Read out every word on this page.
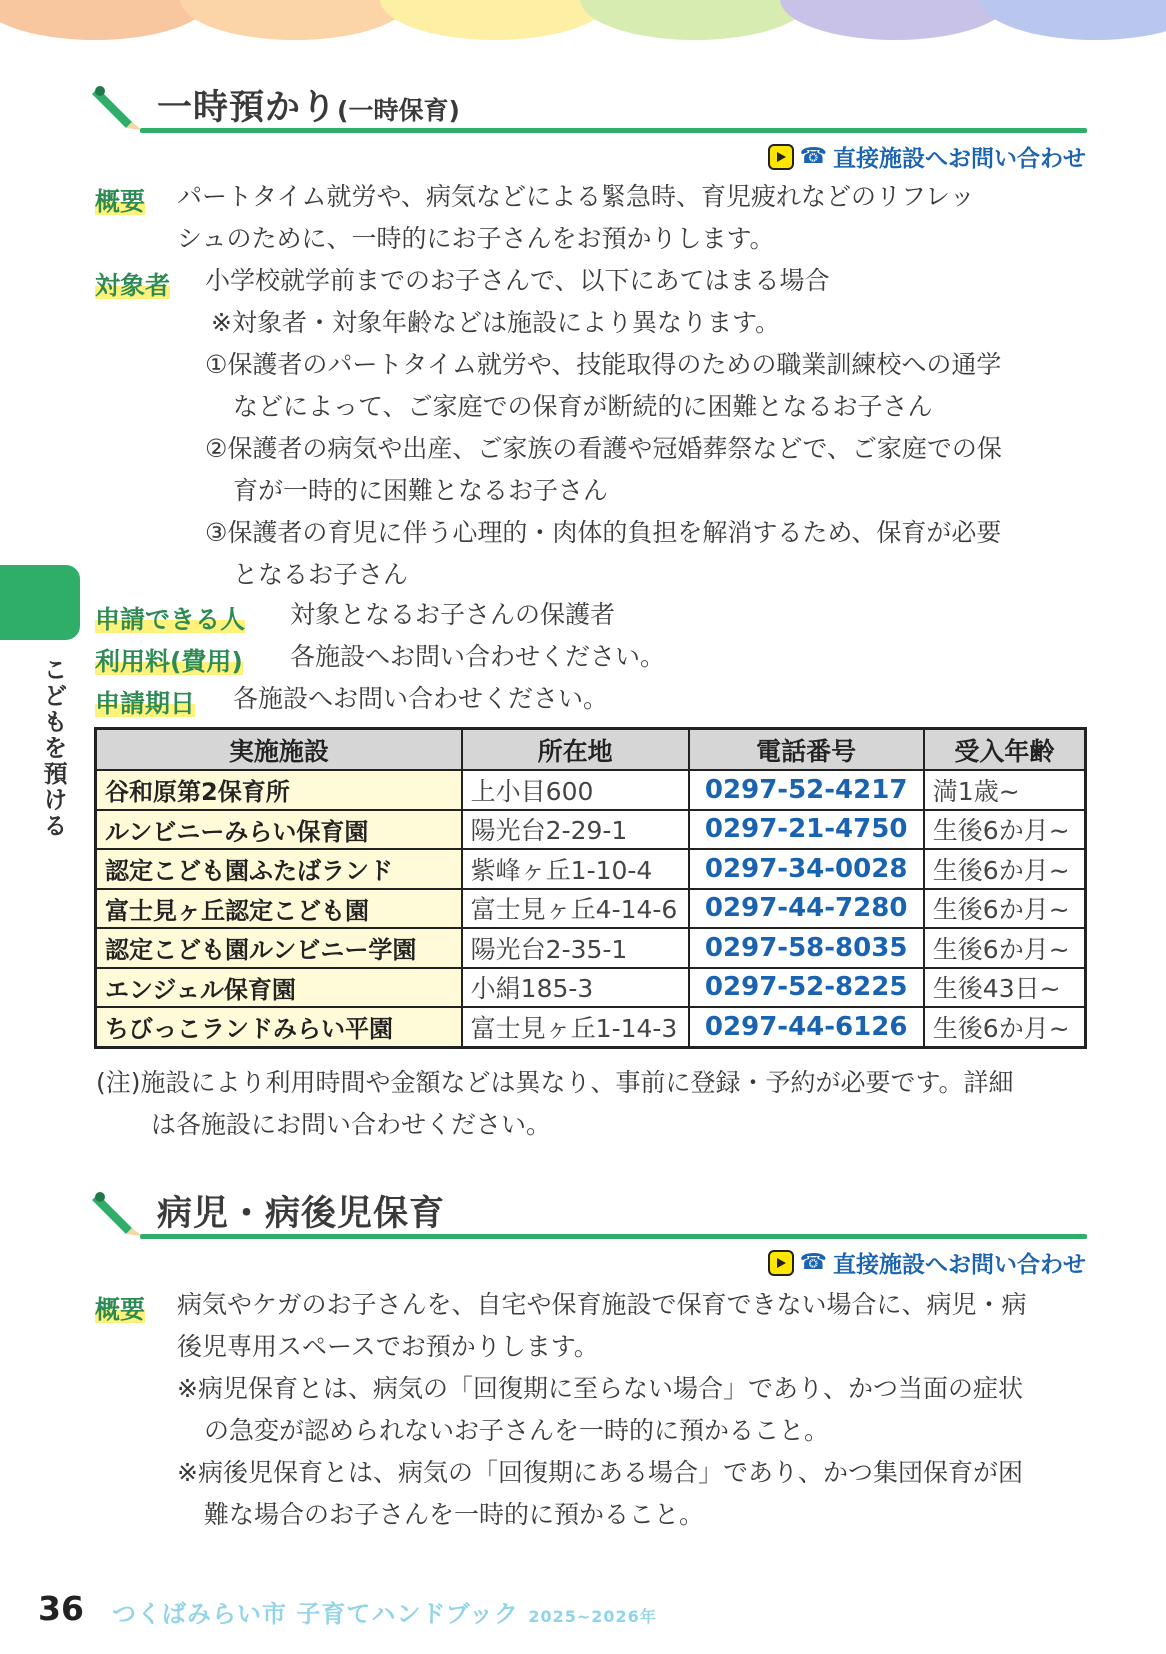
一時預かり(一時保育)
☎ 直接施設へお問い合わせ
概要 パートタイム就労や、病気などによる緊急時、育児疲れなどのリフレッ
シュのために、一時的にお子さんをお預かりします。
対象者 小学校就学前までのお子さんで、以下にあてはまる場合
※対象者・対象年齢などは施設により異なります。
①保護者のパートタイム就労や、技能取得のための職業訓練校への通学
などによって、ご家庭での保育が断続的に困難となるお子さん
②保護者の病気や出産、ご家族の看護や冠婚葬祭などで、ご家庭での保
育が一時的に困難となるお子さん
③保護者の育児に伴う心理的・肉体的負担を解消するため、保育が必要
となるお子さん
申請できる人 対象となるお子さんの保護者
利用料(費用) 各施設へお問い合わせください。
申請期日 各施設へお問い合わせください。
実施施設	所在地	電話番号	受入年齢
谷和原第2保育所	上小目600	0297-52-4217	満1歳~
ルンビニーみらい保育園	陽光台2-29-1	0297-21-4750	生後6か月~
認定こども園ふたばランド	紫峰ヶ丘1-10-4	0297-34-0028	生後6か月~
富士見ヶ丘認定こども園	富士見ヶ丘4-14-6	0297-44-7280	生後6か月~
認定こども園ルンビニー学園	陽光台2-35-1	0297-58-8035	生後6か月~
エンジェル保育園	小絹185-3	0297-52-8225	生後43日~
ちびっこランドみらい平園	富士見ヶ丘1-14-3	0297-44-6126	生後6か月~
(注)施設により利用時間や金額などは異なり、事前に登録・予約が必要です。詳細
は各施設にお問い合わせください。
病児・病後児保育
☎ 直接施設へお問い合わせ
概要 病気やケガのお子さんを、自宅や保育施設で保育できない場合に、病児・病
後児専用スペースでお預かりします。
※病児保育とは、病気の「回復期に至らない場合」であり、かつ当面の症状
の急変が認められないお子さんを一時的に預かること。
※病後児保育とは、病気の「回復期にある場合」であり、かつ集団保育が困
難な場合のお子さんを一時的に預かること。
こどもを預ける
36 つくばみらい市 子育てハンドブック 2025~2026年
